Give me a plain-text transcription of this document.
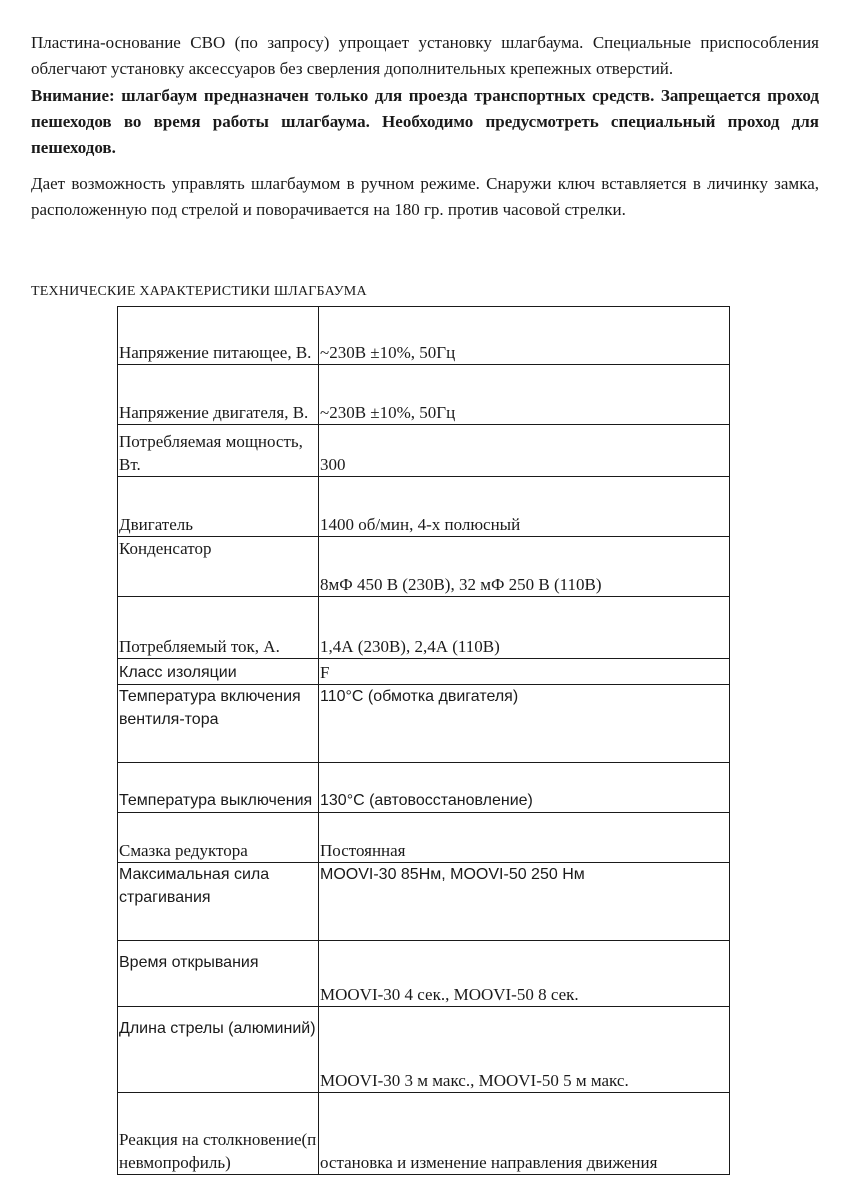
Пластина-основание СВО (по запросу) упрощает установку шлагбаума. Специальные приспособления облегчают установку аксессуаров без сверления дополнительных крепежных отверстий.

Внимание: шлагбаум предназначен только для проезда транспортных средств. Запрещается проход пешеходов во время работы шлагбаума. Необходимо предусмотреть специальный проход для пешеходов.

Дает возможность управлять шлагбаумом в ручном режиме. Снаружи ключ вставляется в личинку замка, расположенную под стрелой и поворачивается на 180 гр. против часовой стрелки.

ТЕХНИЧЕСКИЕ ХАРАКТЕРИСТИКИ ШЛАГБАУМА
Напряжение питающее, В.	~230В ±10%, 50Гц
Напряжение двигателя, В.	~230В ±10%, 50Гц
Потребляемая мощность, Вт.	300
Двигатель	1400 об/мин, 4-х полюсный
Конденсатор	8мФ 450 В (230В), 32 мФ 250 В (110В)
Потребляемый ток, А.	1,4А (230В), 2,4А (110В)
Класс изоляции	F
Температура включения вентиля-тора	110°С (обмотка двигателя)
Температура выключения	130°С (автовосстановление)
Смазка редуктора	Постоянная
Максимальная сила страгивания	MOOVI-30 85Нм, MOOVI-50 250 Нм
Время открывания	MOOVI-30 4 сек., MOOVI-50 8 сек.
Длина стрелы (алюминий)	MOOVI-30 3 м макс., MOOVI-50 5 м макс.
Реакция на столкновение(пневмопрофиль)	остановка и изменение направления движения
